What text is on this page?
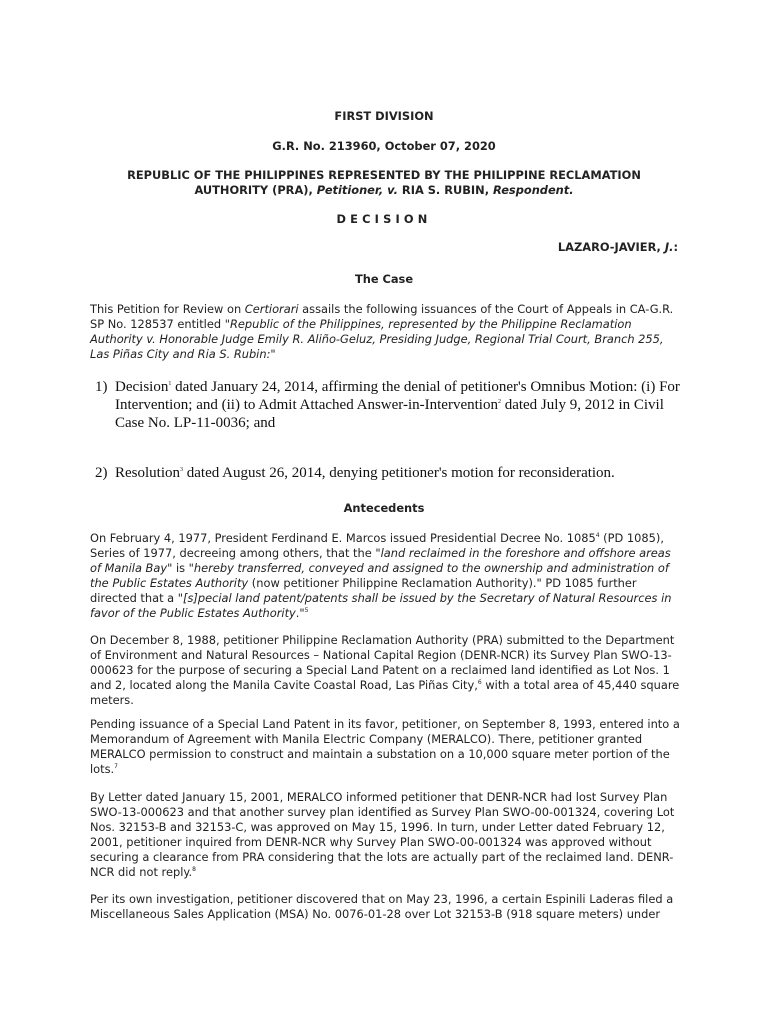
FIRST DIVISION
G.R. No. 213960, October 07, 2020
REPUBLIC OF THE PHILIPPINES REPRESENTED BY THE PHILIPPINE RECLAMATION
AUTHORITY (PRA), Petitioner, v. RIA S. RUBIN, Respondent.
DECISION
LAZARO-JAVIER, J.:
The Case
This Petition for Review on Certiorari assails the following issuances of the Court of Appeals in CA-G.R. SP No. 128537 entitled "Republic of the Philippines, represented by the Philippine Reclamation Authority v. Honorable Judge Emily R. Aliño-Geluz, Presiding Judge, Regional Trial Court, Branch 255, Las Piñas City and Ria S. Rubin:"
1) Decision$^1$ dated January 24, 2014, affirming the denial of petitioner's Omnibus Motion: (i) For Intervention; and (ii) to Admit Attached Answer-in-Intervention$^2$ dated July 9, 2012 in Civil Case No. LP-11-0036; and
2) Resolution$^3$ dated August 26, 2014, denying petitioner's motion for reconsideration.
Antecedents
On February 4, 1977, President Ferdinand E. Marcos issued Presidential Decree No. 1085$^4$ (PD 1085), Series of 1977, decreeing among others, that the "land reclaimed in the foreshore and offshore areas of Manila Bay" is "hereby transferred, conveyed and assigned to the ownership and administration of the Public Estates Authority (now petitioner Philippine Reclamation Authority)." PD 1085 further directed that a "[s]pecial land patent/patents shall be issued by the Secretary of Natural Resources in favor of the Public Estates Authority."$^5$
On December 8, 1988, petitioner Philippine Reclamation Authority (PRA) submitted to the Department of Environment and Natural Resources – National Capital Region (DENR-NCR) its Survey Plan SWO-13-000623 for the purpose of securing a Special Land Patent on a reclaimed land identified as Lot Nos. 1 and 2, located along the Manila Cavite Coastal Road, Las Piñas City,$^6$ with a total area of 45,440 square meters.
Pending issuance of a Special Land Patent in its favor, petitioner, on September 8, 1993, entered into a Memorandum of Agreement with Manila Electric Company (MERALCO). There, petitioner granted MERALCO permission to construct and maintain a substation on a 10,000 square meter portion of the lots.$^7$
By Letter dated January 15, 2001, MERALCO informed petitioner that DENR-NCR had lost Survey Plan SWO-13-000623 and that another survey plan identified as Survey Plan SWO-00-001324, covering Lot Nos. 32153-B and 32153-C, was approved on May 15, 1996. In turn, under Letter dated February 12, 2001, petitioner inquired from DENR-NCR why Survey Plan SWO-00-001324 was approved without securing a clearance from PRA considering that the lots are actually part of the reclaimed land. DENR-NCR did not reply.$^8$
Per its own investigation, petitioner discovered that on May 23, 1996, a certain Espinili Laderas filed a Miscellaneous Sales Application (MSA) No. 0076-01-28 over Lot 32153-B (918 square meters) under
